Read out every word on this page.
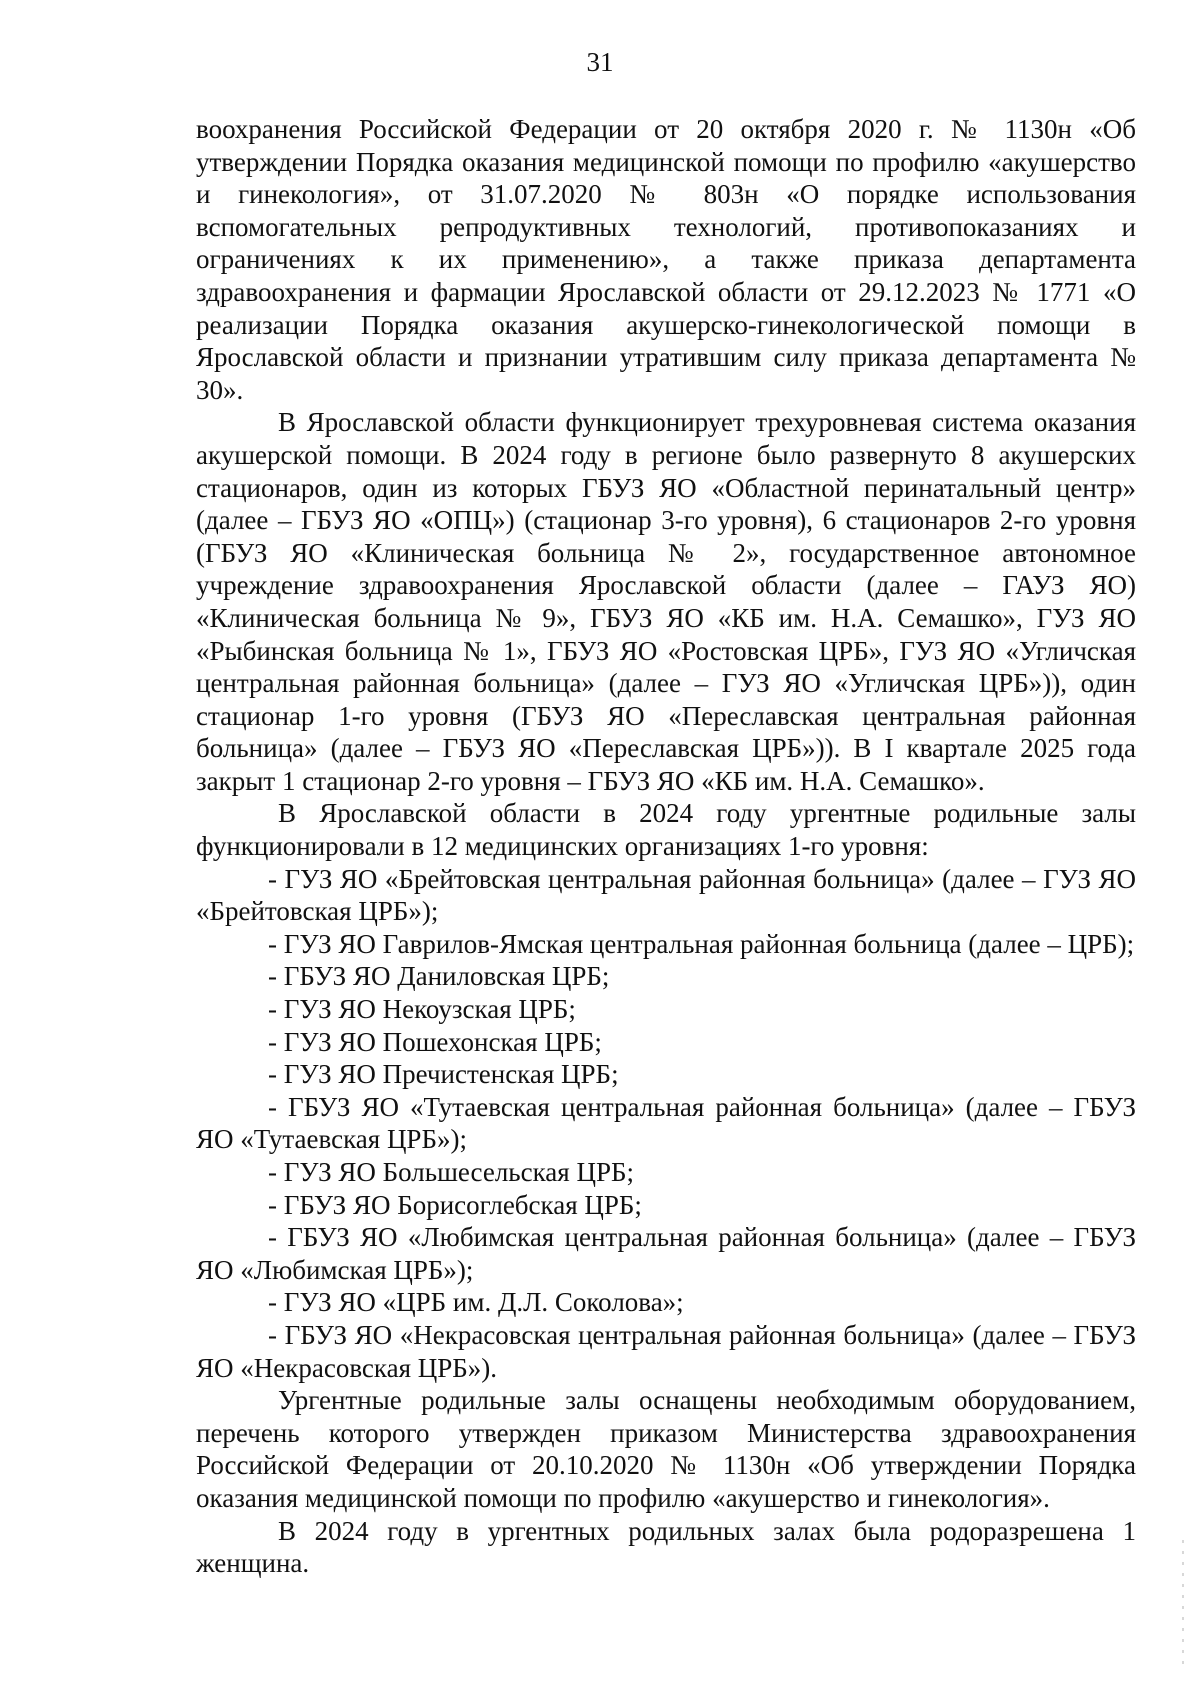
31

воохранения Российской Федерации от 20 октября 2020 г. № 1130н «Об утверждении Порядка оказания медицинской помощи по профилю «акушерство и гинекология», от 31.07.2020 № 803н «О порядке использования вспомогательных репродуктивных технологий, противопоказаниях и ограничениях к их применению», а также приказа департамента здравоохранения и фармации Ярославской области от 29.12.2023 № 1771 «О реализации Порядка оказания акушерско-гинекологической помощи в Ярославской области и признании утратившим силу приказа департамента № 30».

В Ярославской области функционирует трехуровневая система оказания акушерской помощи. В 2024 году в регионе было развернуто 8 акушерских стационаров, один из которых ГБУЗ ЯО «Областной перинатальный центр» (далее – ГБУЗ ЯО «ОПЦ») (стационар 3-го уровня), 6 стационаров 2-го уровня (ГБУЗ ЯО «Клиническая больница № 2», государственное автономное учреждение здравоохранения Ярославской области (далее – ГАУЗ ЯО) «Клиническая больница № 9», ГБУЗ ЯО «КБ им. Н.А. Семашко», ГУЗ ЯО «Рыбинская больница № 1», ГБУЗ ЯО «Ростовская ЦРБ», ГУЗ ЯО «Угличская центральная районная больница» (далее – ГУЗ ЯО «Угличская ЦРБ»)), один стационар 1-го уровня (ГБУЗ ЯО «Переславская центральная районная больница» (далее – ГБУЗ ЯО «Переславская ЦРБ»)). В I квартале 2025 года закрыт 1 стационар 2-го уровня – ГБУЗ ЯО «КБ им. Н.А. Семашко».

В Ярославской области в 2024 году ургентные родильные залы функционировали в 12 медицинских организациях 1-го уровня:

- ГУЗ ЯО «Брейтовская центральная районная больница» (далее – ГУЗ ЯО «Брейтовская ЦРБ»);
- ГУЗ ЯО Гаврилов-Ямская центральная районная больница (далее – ЦРБ);
- ГБУЗ ЯО Даниловская ЦРБ;
- ГУЗ ЯО Некоузская ЦРБ;
- ГУЗ ЯО Пошехонская ЦРБ;
- ГУЗ ЯО Пречистенская ЦРБ;
- ГБУЗ ЯО «Тутаевская центральная районная больница» (далее – ГБУЗ ЯО «Тутаевская ЦРБ»);
- ГУЗ ЯО Большесельская ЦРБ;
- ГБУЗ ЯО Борисоглебская ЦРБ;
- ГБУЗ ЯО «Любимская центральная районная больница» (далее – ГБУЗ ЯО «Любимская ЦРБ»);
- ГУЗ ЯО «ЦРБ им. Д.Л. Соколова»;
- ГБУЗ ЯО «Некрасовская центральная районная больница» (далее – ГБУЗ ЯО «Некрасовская ЦРБ»).

Ургентные родильные залы оснащены необходимым оборудованием, перечень которого утвержден приказом Министерства здравоохранения Российской Федерации от 20.10.2020 № 1130н «Об утверждении Порядка оказания медицинской помощи по профилю «акушерство и гинекология».

В 2024 году в ургентных родильных залах была родоразрешена 1 женщина.
